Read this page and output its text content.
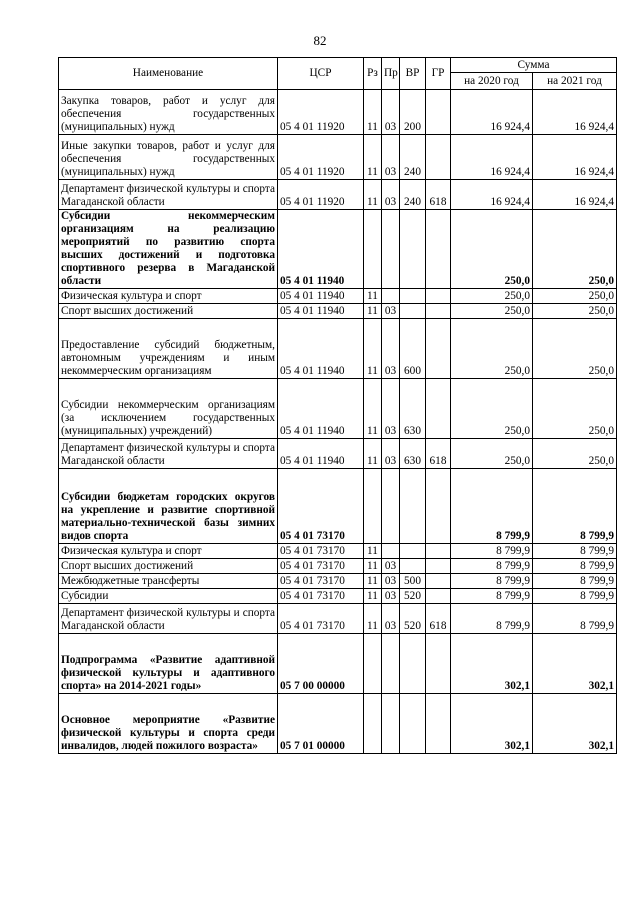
82
Наименование	ЦСР	Рз	Пр	ВР	ГР	Сумма	
						на 2020 год	на 2021 год
Закупка товаров, работ и услуг для обеспечения государственных (муниципальных) нужд	05 4 01 11920	11	03	200		16 924,4	16 924,4
Иные закупки товаров, работ и услуг для обеспечения государственных (муниципальных) нужд	05 4 01 11920	11	03	240		16 924,4	16 924,4
Департамент физической культуры и спорта Магаданской области	05 4 01 11920	11	03	240	618	16 924,4	16 924,4
Субсидии некоммерческим организациям на реализацию мероприятий по развитию спорта высших достижений и подготовка спортивного резерва в Магаданской области	05 4 01 11940					250,0	250,0
Физическая культура и спорт	05 4 01 11940	11				250,0	250,0
Спорт высших достижений	05 4 01 11940	11	03			250,0	250,0
Предоставление субсидий бюджетным, автономным учреждениям и иным некоммерческим организациям	05 4 01 11940	11	03	600		250,0	250,0
Субсидии некоммерческим организациям (за исключением государственных (муниципальных) учреждений)	05 4 01 11940	11	03	630		250,0	250,0
Департамент физической культуры и спорта Магаданской области	05 4 01 11940	11	03	630	618	250,0	250,0
Субсидии бюджетам городских округов на укрепление и развитие спортивной материально-технической базы зимних видов спорта	05 4 01 73170					8 799,9	8 799,9
Физическая культура и спорт	05 4 01 73170	11				8 799,9	8 799,9
Спорт высших достижений	05 4 01 73170	11	03			8 799,9	8 799,9
Межбюджетные трансферты	05 4 01 73170	11	03	500		8 799,9	8 799,9
Субсидии	05 4 01 73170	11	03	520		8 799,9	8 799,9
Департамент физической культуры и спорта Магаданской области	05 4 01 73170	11	03	520	618	8 799,9	8 799,9
Подпрограмма «Развитие адаптивной физической культуры и адаптивного спорта» на 2014-2021 годы»	05 7 00 00000					302,1	302,1
Основное мероприятие «Развитие физической культуры и спорта среди инвалидов, людей пожилого возраста»	05 7 01 00000					302,1	302,1
